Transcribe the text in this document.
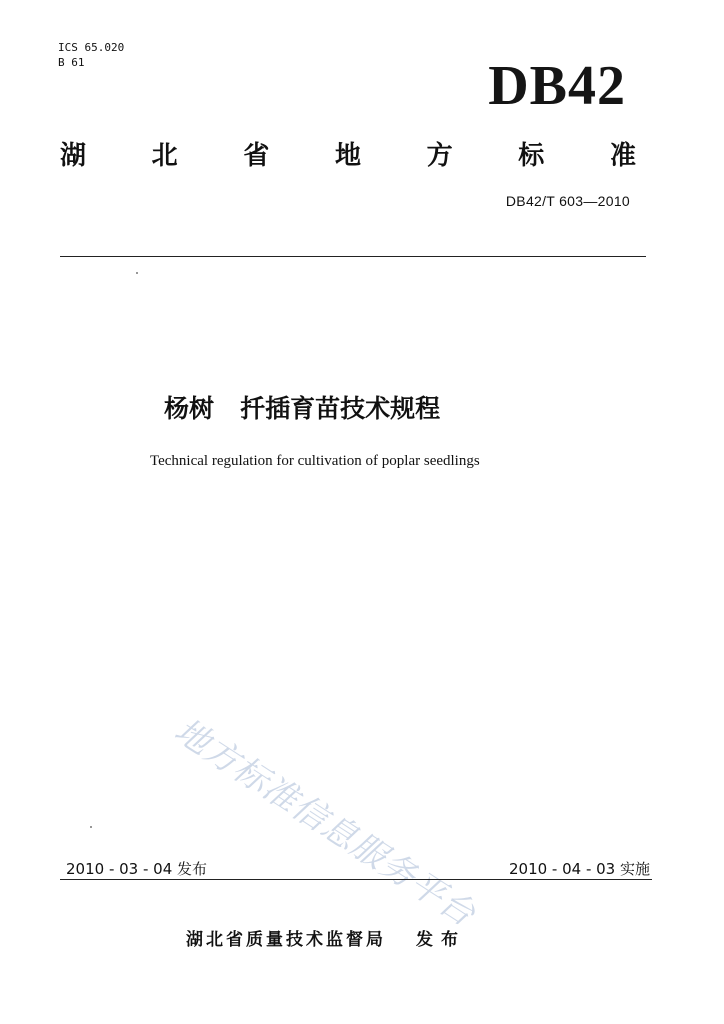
ICS 65.020
B 61	DB42
湖	北	省	地	方	标	准
DB42/T 603—2010
杨树   扦插育苗技术规程
Technical regulation for cultivation of poplar seedlings
地方标准信息服务平台
2010 - 03 - 04 发布	2010 - 04 - 03 实施
湖北省质量技术监督局 发布
